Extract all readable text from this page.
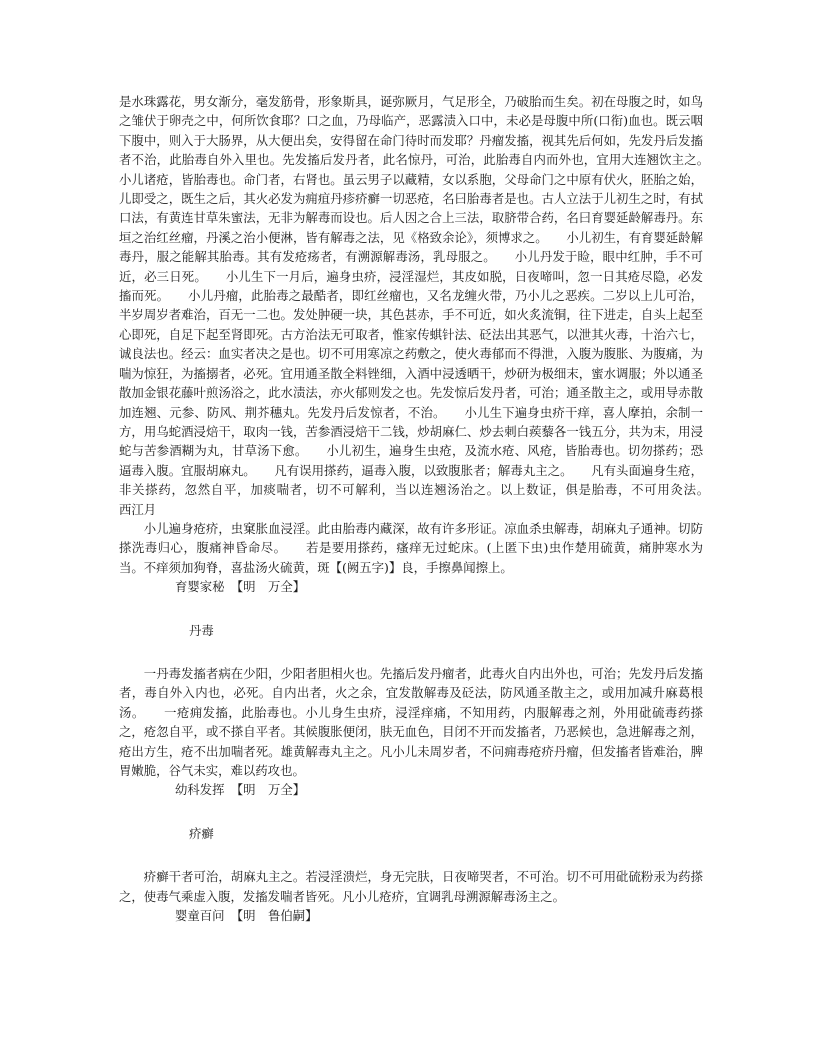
是水珠露花，男女渐分，毫发筋骨，形象斯具，诞弥厥月，气足形全，乃破胎而生矣。初在母腹之时，如鸟之雏伏于卵壳之中，何所饮食耶？口之血，乃母临产，恶露渍入口中，未必是母腹中所(口衔)血也。既云咽下腹中，则入于大肠界，从大便出矣，安得留在命门待时而发耶？丹瘤发搐，视其先后何如，先发丹后发搐者不治，此胎毒自外入里也。先发搐后发丹者，此名惊丹，可治，此胎毒自内而外也，宜用大连翘饮主之。　　小儿诸疮，皆胎毒也。命门者，右肾也。虽云男子以藏精，女以系胞，父母命门之中原有伏火，胚胎之始，儿即受之，既生之后，其火必发为痈疽丹疹疥癣一切恶疮，名曰胎毒者是也。古人立法于儿初生之时，有拭口法，有黄连甘草朱蜜法，无非为解毒而设也。后人因之合上三法，取脐带合药，名曰育婴延龄解毒丹。东垣之治红丝瘤，丹溪之治小便淋，皆有解毒之法，见《格致余论》，须博求之。　　小儿初生，有育婴延龄解毒丹，服之能解其胎毒。其有发疮疡者，有溯源解毒汤，乳母服之。　　小儿丹发于睑，眼中红肿，手不可近，必三日死。　　小儿生下一月后，遍身虫疥，浸淫湿烂，其皮如脱，日夜啼叫，忽一日其疮尽隐，必发搐而死。　　小儿丹瘤，此胎毒之最酷者，即红丝瘤也，又名龙缠火带，乃小儿之恶疾。二岁以上儿可治，半岁周岁者难治，百无一二也。发处肿硬一块，其色甚赤，手不可近，如火炙流铜，往下进走，自头上起至心即死，自足下起至肾即死。古方治法无可取者，惟家传蜞针法、砭法出其恶气，以泄其火毒，十治六七，诚良法也。经云：血实者决之是也。切不可用寒凉之药敷之，使火毒郁而不得泄，入腹为腹胀、为腹痛，为喘为惊狂，为搐搦者，必死。宜用通圣散全料锉细，入酒中浸透晒干，炒研为极细末，蜜水调服；外以通圣散加金银花藤叶煎汤浴之，此水渍法，亦火郁则发之也。先发惊后发丹者，可治；通圣散主之，或用导赤散加连翘、元参、防风、荆芥穗丸。先发丹后发惊者，不治。　　小儿生下遍身虫疥干痒，喜人摩拍，余制一方，用乌蛇酒浸焙干，取肉一钱，苦参酒浸焙干二钱，炒胡麻仁、炒去刺白蒺藜各一钱五分，共为末，用浸蛇与苦参酒糊为丸，甘草汤下愈。　　小儿初生，遍身生虫疮，及流水疮、风疮，皆胎毒也。切勿搽药；恐逼毒入腹。宜服胡麻丸。　　凡有误用搽药，逼毒入腹，以致腹胀者；解毒丸主之。　　凡有头面遍身生疮，非关搽药，忽然自平，加痰喘者，切不可解利，当以连翘汤治之。以上数证，俱是胎毒，不可用灸法。　　西江月

小儿遍身疮疥，虫窠胀血浸淫。此由胎毒内藏深，故有许多形证。凉血杀虫解毒，胡麻丸子通神。切防搽洗毒归心，腹痛神昏命尽。　　若是要用搽药，瘙痒无过蛇床。(上匿下虫)虫作楚用硫黄，痛肿寒水为当。不痒须加狗脊，喜盐汤火硫黄，斑【(阙五字)】良，手擦鼻闻擦上。

育婴家秘　 【明　 万全】

丹毒

一丹毒发搐者病在少阳，少阳者胆相火也。先搐后发丹瘤者，此毒火自内出外也，可治；先发丹后发搐者，毒自外入内也，必死。自内出者，火之余，宜发散解毒及砭法，防风通圣散主之，或用加减升麻葛根汤。　　一疮痈发搐，此胎毒也。小儿身生虫疥，浸淫痒痛，不知用药，内服解毒之剂，外用砒硫毒药搽之，疮忽自平，或不搽自平者。其候腹胀便闭，肤无血色，目闭不开而发搐者，乃恶候也，急进解毒之剂，疮出方生，疮不出加喘者死。雄黄解毒丸主之。凡小儿未周岁者，不问痈毒疮疥丹瘤，但发搐者皆难治，脾胃嫩脆，谷气未实，难以药攻也。

幼科发挥　 【明　 万全】

疥癣

疥癣干者可治，胡麻丸主之。若浸淫溃烂，身无完肤，日夜啼哭者，不可治。切不可用砒硫粉汞为药搽之，使毒气乘虚入腹，发搐发喘者皆死。凡小儿疮疥，宜调乳母溯源解毒汤主之。

婴童百问　 【明　 鲁伯嗣】
